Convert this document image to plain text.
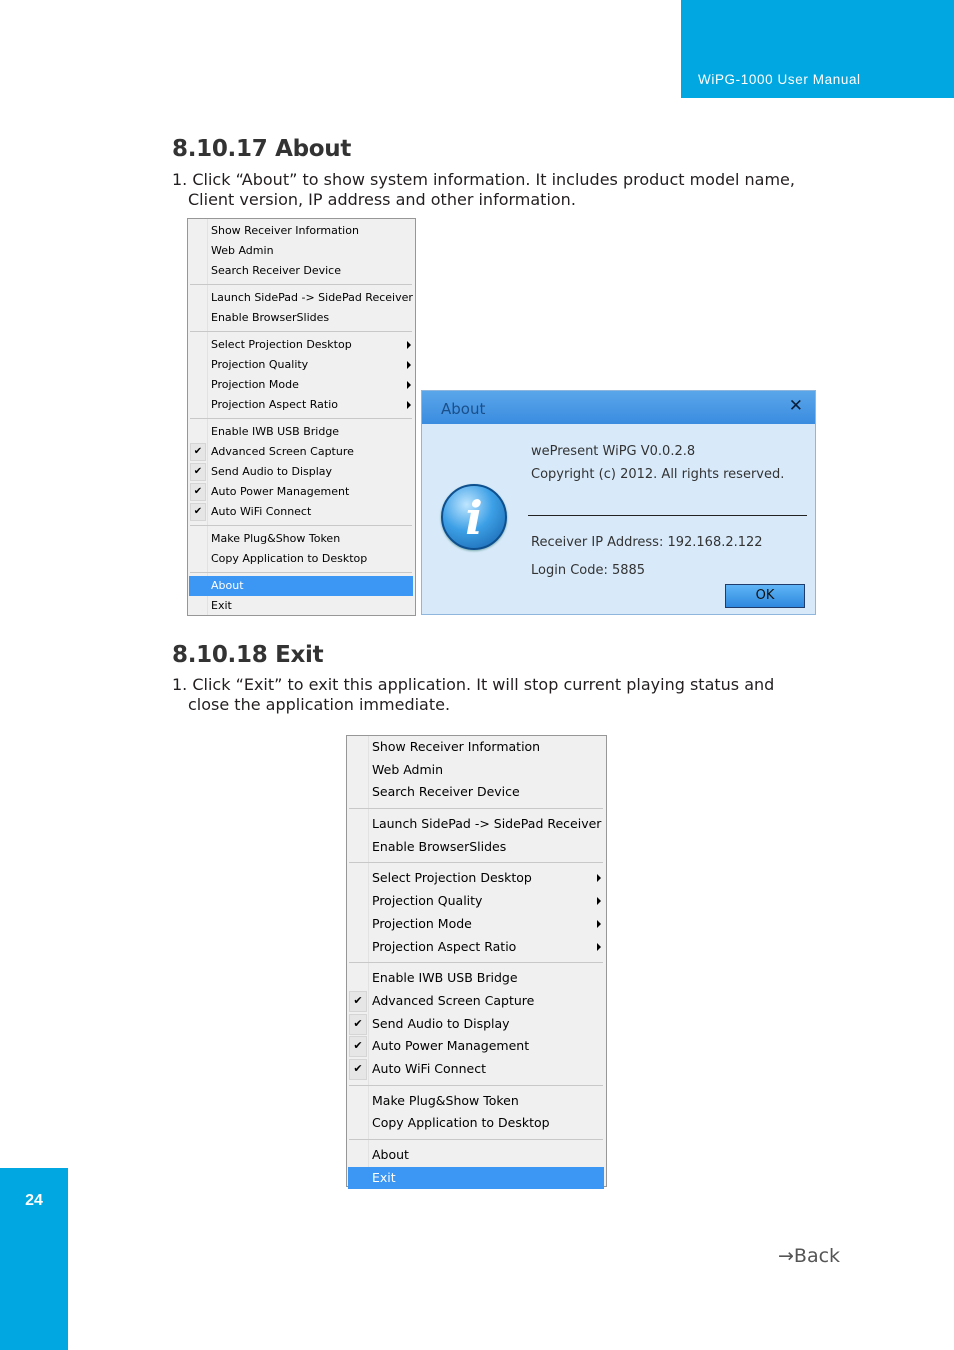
WiPG-1000 User Manual
8.10.17 About
1. Click “About” to show system information. It includes product model name,
Client version, IP address and other information.
Show Receiver Information
Web Admin
Search Receiver Device
Launch SidePad -> SidePad Receiver
Enable BrowserSlides
Select Projection Desktop
Projection Quality
Projection Mode
Projection Aspect Ratio
Enable IWB USB Bridge
✔ Advanced Screen Capture
✔ Send Audio to Display
✔ Auto Power Management
✔ Auto WiFi Connect
Make Plug&Show Token
Copy Application to Desktop
About
Exit
About	✕
i
wePresent WiPG V0.0.2.8
Copyright (c) 2012. All rights reserved.
Receiver IP Address: 192.168.2.122
Login Code: 5885
OK
8.10.18 Exit
1. Click “Exit” to exit this application. It will stop current playing status and
close the application immediate.
Show Receiver Information
Web Admin
Search Receiver Device
Launch SidePad -> SidePad Receiver
Enable BrowserSlides
Select Projection Desktop
Projection Quality
Projection Mode
Projection Aspect Ratio
Enable IWB USB Bridge
✔ Advanced Screen Capture
✔ Send Audio to Display
✔ Auto Power Management
✔ Auto WiFi Connect
Make Plug&Show Token
Copy Application to Desktop
About
Exit
→Back
24
